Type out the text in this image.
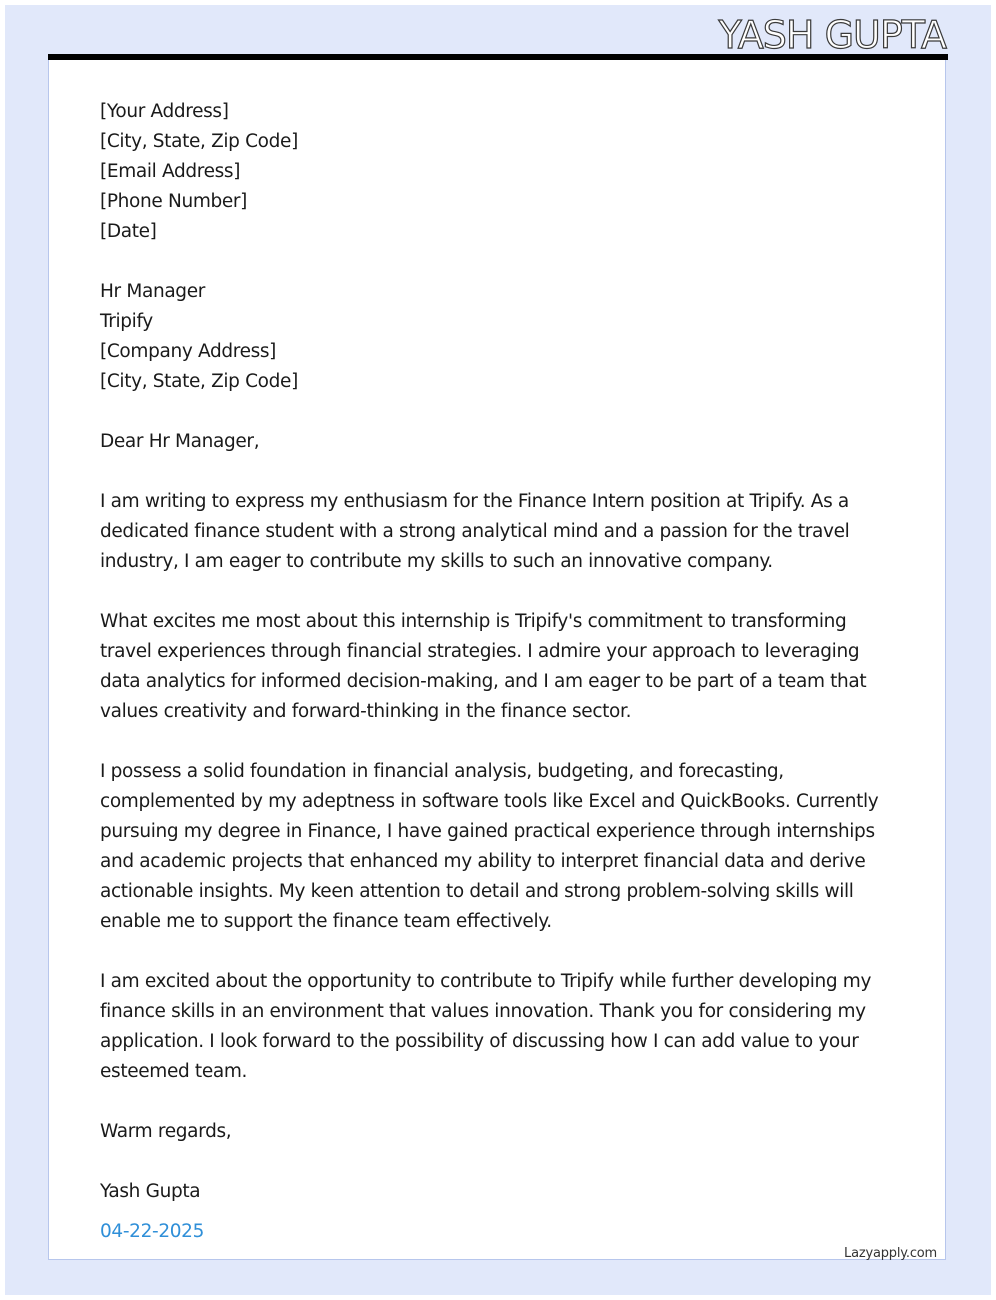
YASH GUPTA
[Your Address]
[City, State, Zip Code]
[Email Address]
[Phone Number]
[Date]
Hr Manager
Tripify
[Company Address]
[City, State, Zip Code]
Dear Hr Manager,
I am writing to express my enthusiasm for the Finance Intern position at Tripify. As a dedicated finance student with a strong analytical mind and a passion for the travel industry, I am eager to contribute my skills to such an innovative company.
What excites me most about this internship is Tripify's commitment to transforming travel experiences through financial strategies. I admire your approach to leveraging data analytics for informed decision-making, and I am eager to be part of a team that values creativity and forward-thinking in the finance sector.
I possess a solid foundation in financial analysis, budgeting, and forecasting, complemented by my adeptness in software tools like Excel and QuickBooks. Currently pursuing my degree in Finance, I have gained practical experience through internships and academic projects that enhanced my ability to interpret financial data and derive actionable insights. My keen attention to detail and strong problem-solving skills will enable me to support the finance team effectively.
I am excited about the opportunity to contribute to Tripify while further developing my finance skills in an environment that values innovation. Thank you for considering my application. I look forward to the possibility of discussing how I can add value to your esteemed team.
Warm regards,
Yash Gupta
04-22-2025
Lazyapply.com
